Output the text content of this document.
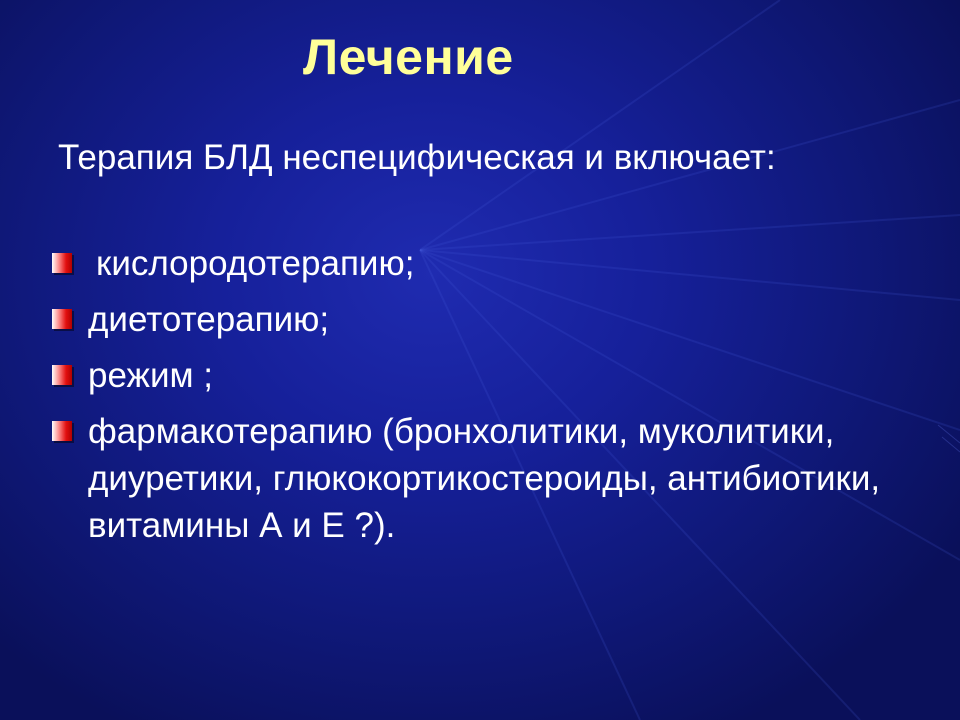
Лечение

Терапия БЛД неспецифическая и включает:

кислородотерапию;
диетотерапию;
режим ;
фармакотерапию (бронхолитики, муколитики, диуретики, глюкокортикостероиды, антибиотики, витамины А и Е ?).
